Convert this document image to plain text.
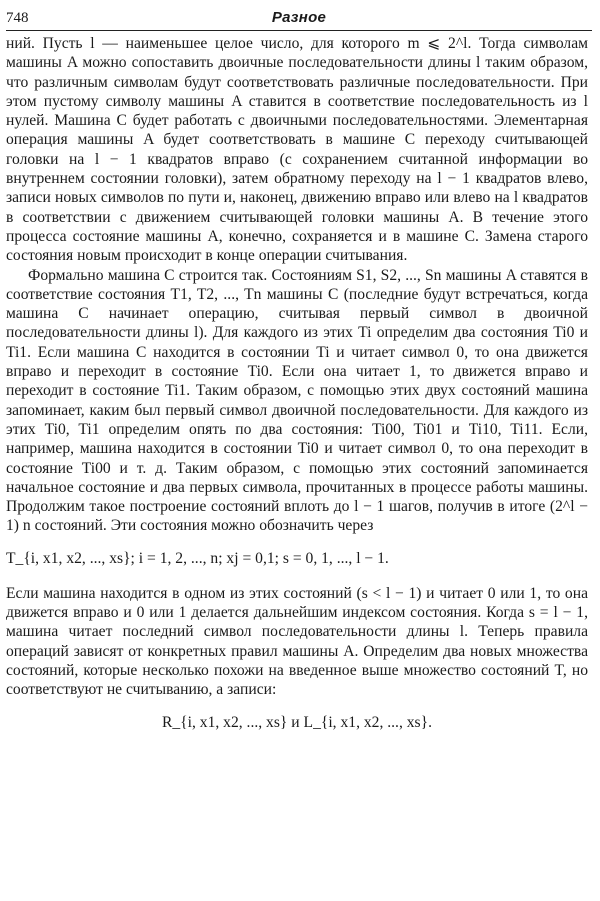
748	Разное

ний. Пусть l — наименьшее целое число, для которого m ⩽ 2^l. Тогда символам машины A можно сопоставить двоичные последовательности длины l таким образом, что различным символам будут соответствовать различные последовательности. При этом пустому символу машины A ставится в соответствие последовательность из l нулей. Машина C будет работать с двоичными последовательностями. Элементарная операция машины A будет соответствовать в машине C переходу считывающей головки на l − 1 квадратов вправо (с сохранением считанной информации во внутреннем состоянии головки), затем обратному переходу на l − 1 квадратов влево, записи новых символов по пути и, наконец, движению вправо или влево на l квадратов в соответствии с движением считывающей головки машины A. В течение этого процесса состояние машины A, конечно, сохраняется и в машине C. Замена старого состояния новым происходит в конце операции считывания.

Формально машина C строится так. Состояниям S1, S2, ..., Sn машины A ставятся в соответствие состояния T1, T2, ..., Tn машины C (последние будут встречаться, когда машина C начинает операцию, считывая первый символ в двоичной последовательности длины l). Для каждого из этих Ti определим два состояния Ti0 и Ti1. Если машина C находится в состоянии Ti и читает символ 0, то она движется вправо и переходит в состояние Ti0. Если она читает 1, то движется вправо и переходит в состояние Ti1. Таким образом, с помощью этих двух состояний машина запоминает, каким был первый символ двоичной последовательности. Для каждого из этих Ti0, Ti1 определим опять по два состояния: Ti00, Ti01 и Ti10, Ti11. Если, например, машина находится в состоянии Ti0 и читает символ 0, то она переходит в состояние Ti00 и т. д. Таким образом, с помощью этих состояний запоминается начальное состояние и два первых символа, прочитанных в процессе работы машины. Продолжим такое построение состояний вплоть до l − 1 шагов, получив в итоге (2^l − 1) n состояний. Эти состояния можно обозначить через

T_{i, x1, x2, ..., xs}; i = 1, 2, ..., n; xj = 0,1; s = 0, 1, ..., l − 1.

Если машина находится в одном из этих состояний (s < l − 1) и читает 0 или 1, то она движется вправо и 0 или 1 делается дальнейшим индексом состояния. Когда s = l − 1, машина читает последний символ последовательности длины l. Теперь правила операций зависят от конкретных правил машины A. Определим два новых множества состояний, которые несколько похожи на введенное выше множество состояний T, но соответствуют не считыванию, а записи:

R_{i, x1, x2, ..., xs} и L_{i, x1, x2, ..., xs}.
